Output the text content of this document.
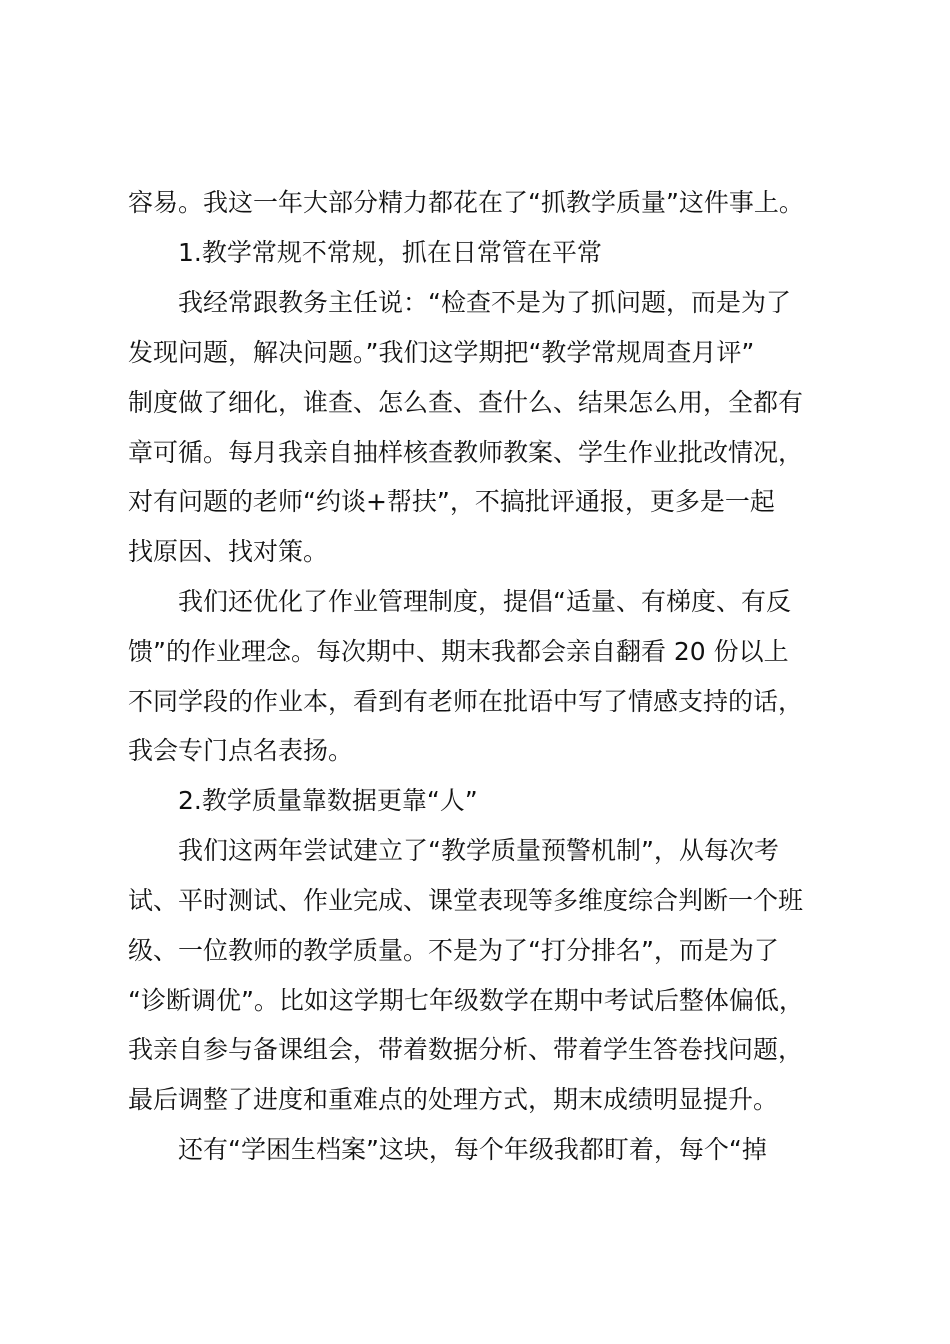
容易。我这一年大部分精力都花在了“抓教学质量”这件事上。
1.教学常规不常规，抓在日常管在平常
我经常跟教务主任说：“检查不是为了抓问题，而是为了
发现问题，解决问题。”我们这学期把“教学常规周查月评”
制度做了细化，谁查、怎么查、查什么、结果怎么用，全都有
章可循。每月我亲自抽样核查教师教案、学生作业批改情况，
对有问题的老师“约谈+帮扶”，不搞批评通报，更多是一起
找原因、找对策。
我们还优化了作业管理制度，提倡“适量、有梯度、有反
馈”的作业理念。每次期中、期末我都会亲自翻看 20 份以上
不同学段的作业本，看到有老师在批语中写了情感支持的话，
我会专门点名表扬。
2.教学质量靠数据更靠“人”
我们这两年尝试建立了“教学质量预警机制”，从每次考
试、平时测试、作业完成、课堂表现等多维度综合判断一个班
级、一位教师的教学质量。不是为了“打分排名”，而是为了
“诊断调优”。比如这学期七年级数学在期中考试后整体偏低，
我亲自参与备课组会，带着数据分析、带着学生答卷找问题，
最后调整了进度和重难点的处理方式，期末成绩明显提升。
还有“学困生档案”这块，每个年级我都盯着，每个“掉
